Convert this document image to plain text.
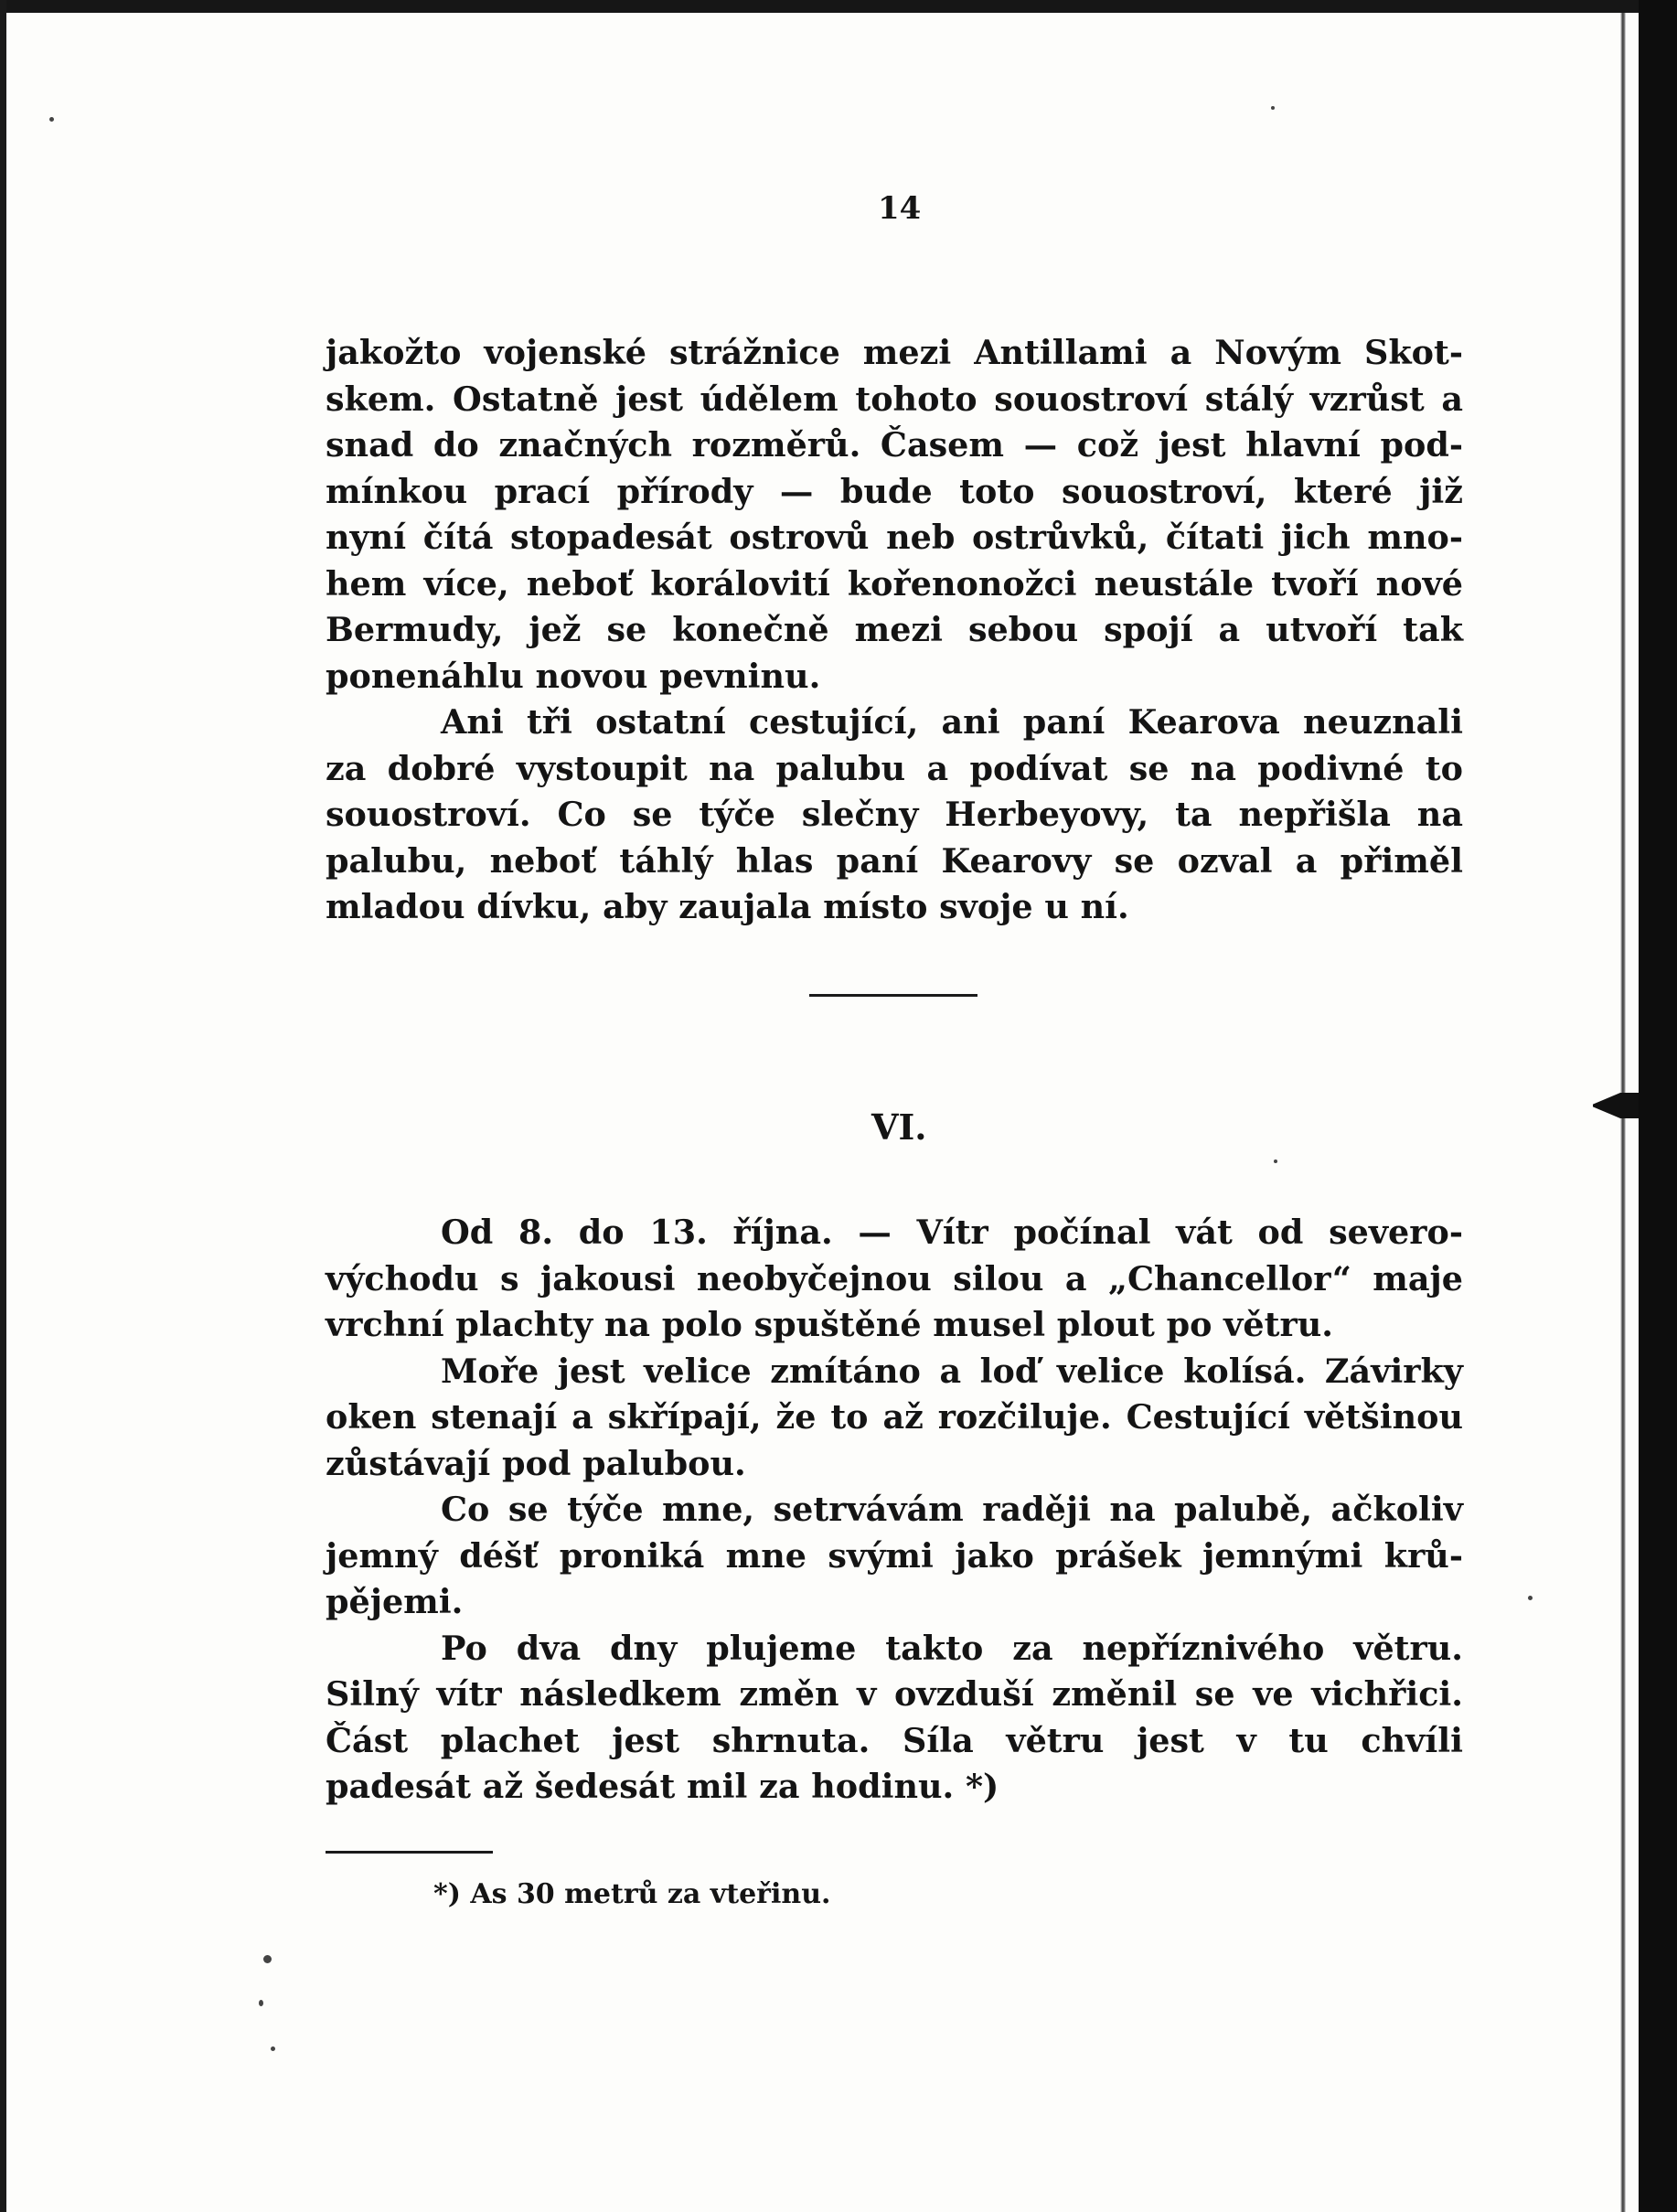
14
jakožto vojenské strážnice mezi Antillami a Novým Skot-
skem. Ostatně jest údělem tohoto souostroví stálý vzrůst a
snad do značných rozměrů. Časem — což jest hlavní pod-
mínkou prací přírody — bude toto souostroví, které již
nyní čítá stopadesát ostrovů neb ostrůvků, čítati jich mno-
hem více, neboť korálovití kořenonožci neustále tvoří nové
Bermudy, jež se konečně mezi sebou spojí a utvoří tak
ponenáhlu novou pevninu.
Ani tři ostatní cestující, ani paní Kearova neuznali
za dobré vystoupit na palubu a podívat se na podivné to
souostroví. Co se týče slečny Herbeyovy, ta nepřišla na
palubu, neboť táhlý hlas paní Kearovy se ozval a přiměl
mladou dívku, aby zaujala místo svoje u ní.
VI.
Od 8. do 13. října. — Vítr počínal vát od severo-
východu s jakousi neobyčejnou silou a „Chancellor“ maje
vrchní plachty na polo spuštěné musel plout po větru.
Moře jest velice zmítáno a loď velice kolísá. Závirky
oken stenají a skřípají, že to až rozčiluje. Cestující většinou
zůstávají pod palubou.
Co se týče mne, setrvávám raději na palubě, ačkoliv
jemný déšť proniká mne svými jako prášek jemnými krů-
pějemi.
Po dva dny plujeme takto za nepříznivého větru.
Silný vítr následkem změn v ovzduší změnil se ve vichřici.
Část plachet jest shrnuta. Síla větru jest v tu chvíli
padesát až šedesát mil za hodinu. *)
*) As 30 metrů za vteřinu.
